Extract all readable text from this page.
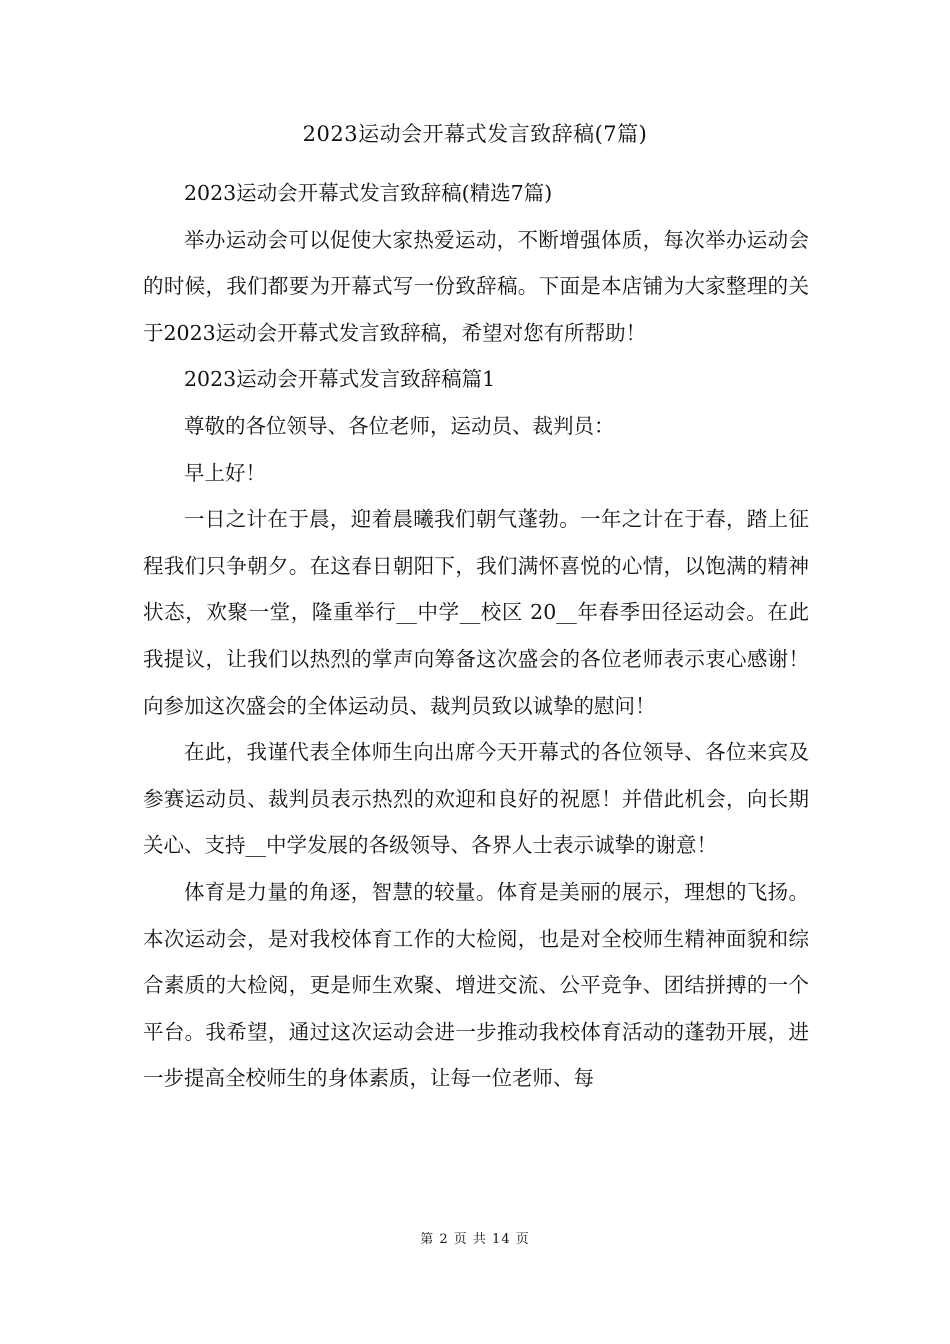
2023运动会开幕式发言致辞稿(7篇)

2023运动会开幕式发言致辞稿(精选7篇)

举办运动会可以促使大家热爱运动，不断增强体质，每次举办运动会的时候，我们都要为开幕式写一份致辞稿。下面是本店铺为大家整理的关于2023运动会开幕式发言致辞稿，希望对您有所帮助！

2023运动会开幕式发言致辞稿篇1

尊敬的各位领导、各位老师，运动员、裁判员：

早上好！

一日之计在于晨，迎着晨曦我们朝气蓬勃。一年之计在于春，踏上征程我们只争朝夕。在这春日朝阳下，我们满怀喜悦的心情，以饱满的精神状态，欢聚一堂，隆重举行__中学__校区 20__年春季田径运动会。在此我提议，让我们以热烈的掌声向筹备这次盛会的各位老师表示衷心感谢！向参加这次盛会的全体运动员、裁判员致以诚挚的慰问！

在此，我谨代表全体师生向出席今天开幕式的各位领导、各位来宾及参赛运动员、裁判员表示热烈的欢迎和良好的祝愿！并借此机会，向长期关心、支持__中学发展的各级领导、各界人士表示诚挚的谢意！

体育是力量的角逐，智慧的较量。体育是美丽的展示，理想的飞扬。本次运动会，是对我校体育工作的大检阅，也是对全校师生精神面貌和综合素质的大检阅，更是师生欢聚、增进交流、公平竞争、团结拼搏的一个平台。我希望，通过这次运动会进一步推动我校体育活动的蓬勃开展，进一步提高全校师生的身体素质，让每一位老师、每

第 2 页 共 14 页
